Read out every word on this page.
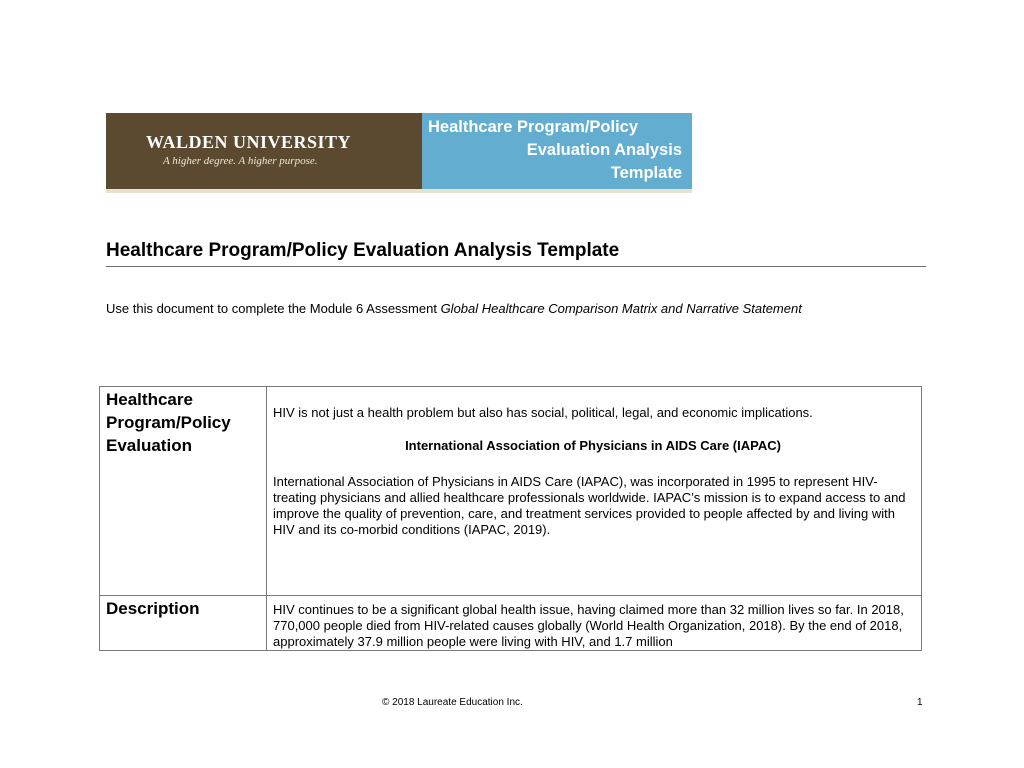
WALDEN UNIVERSITY
A higher degree. A higher purpose.
Healthcare Program/Policy
Evaluation Analysis
Template
Healthcare Program/Policy Evaluation Analysis Template
Use this document to complete the Module 6 Assessment Global Healthcare Comparison Matrix and Narrative Statement
Healthcare Program/Policy Evaluation	HIV is not just a health problem but also has social, political, legal, and economic implications.
International Association of Physicians in AIDS Care (IAPAC)
International Association of Physicians in AIDS Care (IAPAC), was incorporated in 1995 to represent HIV-treating physicians and allied healthcare professionals worldwide. IAPAC’s mission is to expand access to and improve the quality of prevention, care, and treatment services provided to people affected by and living with HIV and its co-morbid conditions (IAPAC, 2019).

Description	HIV continues to be a significant global health issue, having claimed more than 32 million lives so far. In 2018, 770,000 people died from HIV-related causes globally (World Health Organization, 2018). By the end of 2018, approximately 37.9 million people were living with HIV, and 1.7 million
© 2018 Laureate Education Inc.	1
